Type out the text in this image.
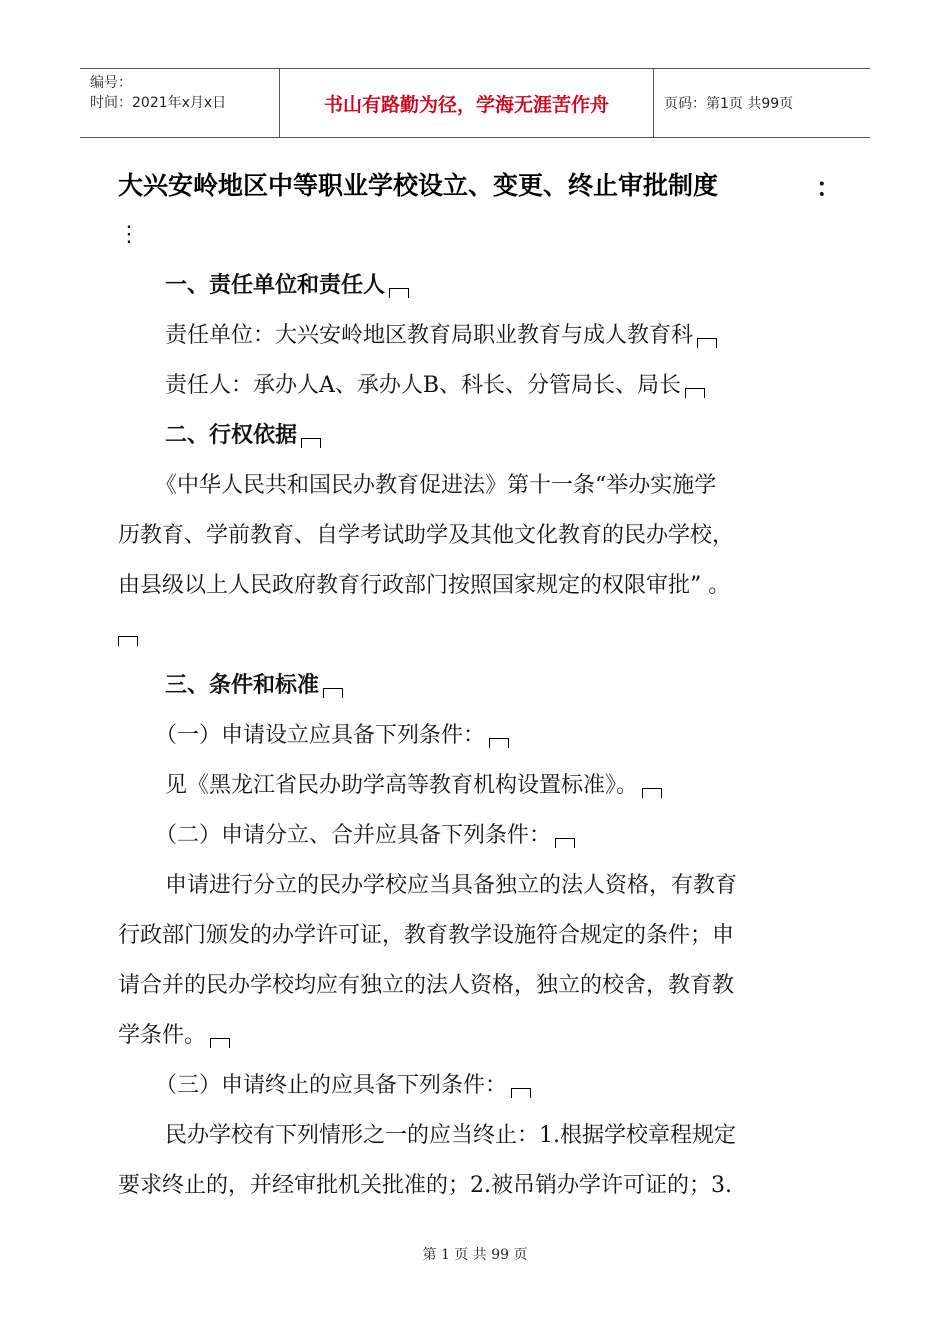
编号：
时间：2021年x月x日	书山有路勤为径，学海无涯苦作舟	页码：第1页 共99页
大兴安岭地区中等职业学校设立、变更、终止审批制度	：
⋮
一、责任单位和责任人
责任单位：大兴安岭地区教育局职业教育与成人教育科
责任人：承办人A、承办人B、科长、分管局长、局长
二、行权依据
《中华人民共和国民办教育促进法》第十一条“举办实施学
历教育、学前教育、自学考试助学及其他文化教育的民办学校，
由县级以上人民政府教育行政部门按照国家规定的权限审批” 。
三、条件和标准
（一）申请设立应具备下列条件：
见《黑龙江省民办助学高等教育机构设置标准》。
（二）申请分立、合并应具备下列条件：
申请进行分立的民办学校应当具备独立的法人资格，有教育
行政部门颁发的办学许可证，教育教学设施符合规定的条件；申
请合并的民办学校均应有独立的法人资格，独立的校舍，教育教
学条件。
（三）申请终止的应具备下列条件：
民办学校有下列情形之一的应当终止：1.根据学校章程规定
要求终止的，并经审批机关批准的；2.被吊销办学许可证的；3.
第 1 页 共 99 页
